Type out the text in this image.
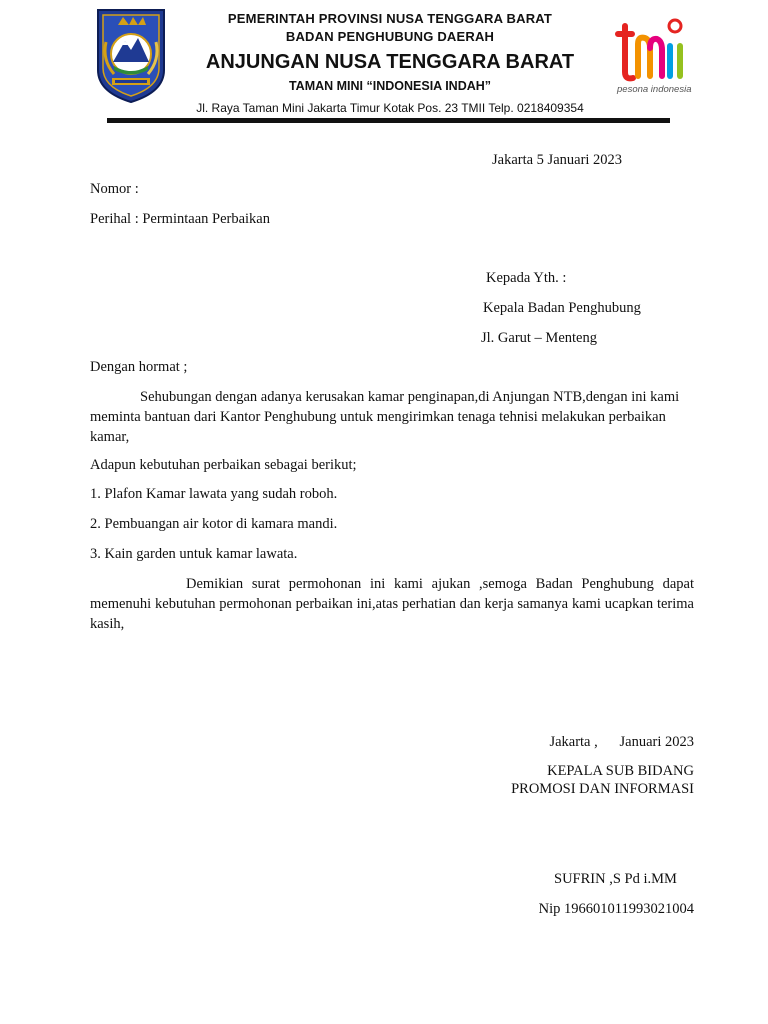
PEMERINTAH PROVINSI NUSA TENGGARA BARAT
BADAN PENGHUBUNG DAERAH
ANJUNGAN NUSA TENGGARA BARAT
TAMAN MINI “INDONESIA INDAH”
Jl. Raya Taman Mini Jakarta Timur Kotak Pos. 23 TMII Telp. 0218409354
pesona indonesia
Jakarta 5 Januari 2023
Nomor :
Perihal : Permintaan Perbaikan
Kepada Yth. :
Kepala Badan Penghubung
Jl. Garut – Menteng
Dengan hormat ;
Sehubungan dengan adanya kerusakan kamar penginapan,di Anjungan NTB,dengan ini kami meminta bantuan dari Kantor Penghubung untuk mengirimkan tenaga tehnisi melakukan perbaikan kamar,
Adapun kebutuhan perbaikan sebagai berikut;
1. Plafon Kamar lawata yang sudah roboh.
2. Pembuangan air kotor di kamara mandi.
3. Kain garden untuk kamar lawata.
Demikian surat permohonan ini kami ajukan ,semoga Badan Penghubung dapat memenuhi kebutuhan permohonan perbaikan ini,atas perhatian dan kerja samanya kami ucapkan terima kasih,
Jakarta ,      Januari 2023
KEPALA SUB BIDANG
PROMOSI DAN INFORMASI
SUFRIN ,S Pd i.MM
Nip 196601011993021004
